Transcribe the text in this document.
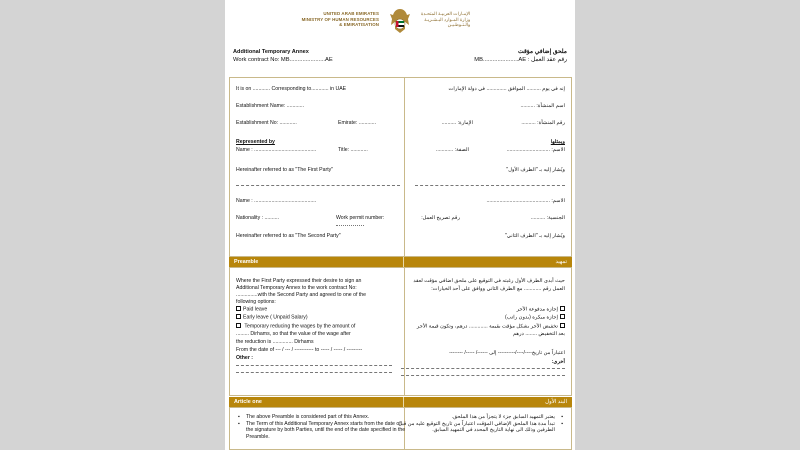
UNITED ARAB EMIRATES
MINISTRY OF HUMAN RESOURCES
& EMIRATISATION
الإمـارات العربيـة المتحـدة
وزارة المـوارد البـشـريـة
والـتـوطـيـن
Additional Temporary Annex
Work contract No: MB......................AE
ملحق إضافي مؤقت
رقم عقد العمل : MB......................AE
It is on ............ Corresponding to............ in UAE
Establishment Name: ............
Establishment No: ............	Emirate: ............
Represented by
Name : ...........................................	Title: ............
Hereinafter referred to as "The First Party"
Name : ...........................................
Nationality : ..........	Work permit number:
Hereinafter referred to as "The Second Party"
إنه في يوم .......... الموافق .............. في دولة الإمارات
اسم المنشأة: ..........
رقم المنشأة: ..........
الإمارة: ..........
ويمثلها
الاسم: ..............................
الصفة: ............
ويُشار إليه بـ "الطرف الأول"
الاسم: ............................................
الجنسية: ..........
رقم تصريح العمل:
ويُشار إليه بـ "الطرف الثاني"
Preamble	تمهيد
Where the First Party expressed their desire to sign an
Additional Temporary Annex to the work contract No:
...............with the Second Party and agreed to one of the
following options:
Paid leave
Early leave ( Unpaid Salary)
Temporary reducing the wages by the amount of
......... Dirhams, so that the value of the wage after
the reduction is .............. Dirhams
From the date of --- / --- / ----------- to ----- / ----- / ---------
Other :
حيث أبدى الطرف الأول رغبته في التوقيع على ملحق اضافي مؤقت لعقد
العمل رقم ............ مع الطرف الثاني ووافق على أحد الخيارات:
إجازة مدفوعة الأجر
إجازة مبكرة (بدون راتب)
تخفيض الأجر بشكل مؤقت بقيمة ............. درهم، وتكون قيمة الأجر
بعد التخفيض ........ درهم
اعتباراً من تاريخ----/----/---------- إلى ------/ -----/ --------
أخرى:
Article one	البند الأول
▪ The above Preamble is considered part of this Annex.
▪ The Term of this Additional Temporary Annex starts from the date of the signature by both Parties, until the end of the date specified in the Preamble.
▪ يعتبر التمهيد السابق جزء لا يتجزأ من هذا الملحق.
▪ تبدأ مدة هذا الملحق الإضافي المؤقت اعتباراً من تاريخ التوقيع عليه من قبل الطرفين وذلك الى نهاية التاريخ المحدد في التمهيد السابق.
